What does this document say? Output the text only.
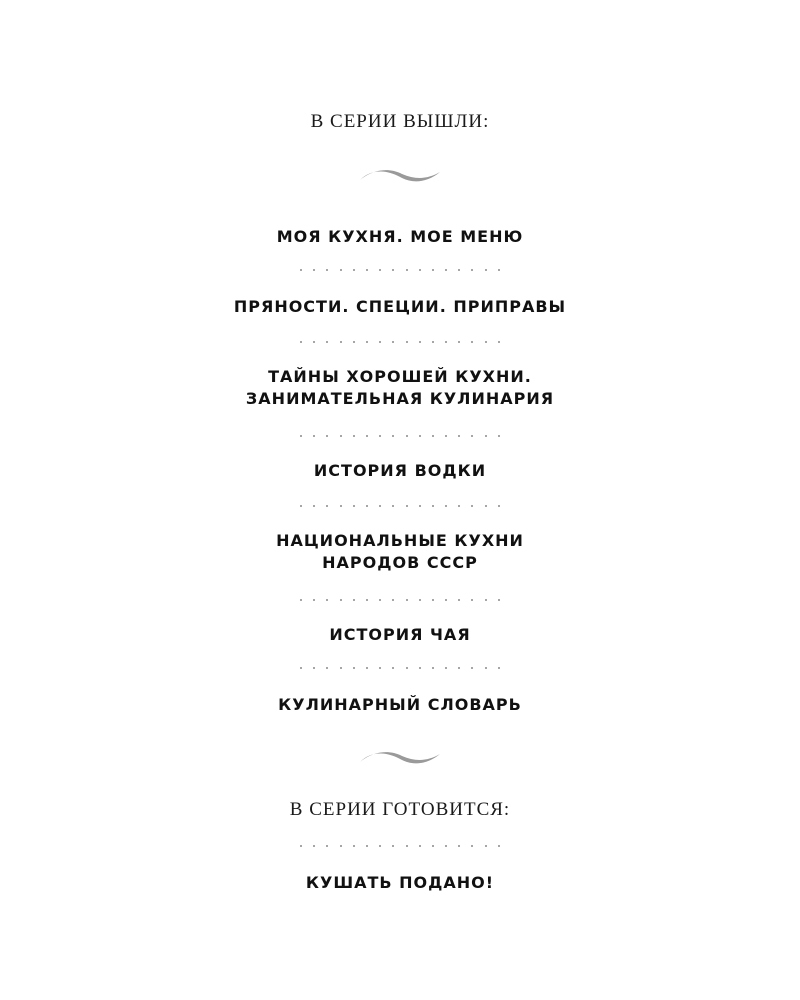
В СЕРИИ ВЫШЛИ:
МОЯ КУХНЯ. МОЕ МЕНЮ
ПРЯНОСТИ. СПЕЦИИ. ПРИПРАВЫ
ТАЙНЫ ХОРОШЕЙ КУХНИ.
ЗАНИМАТЕЛЬНАЯ КУЛИНАРИЯ
ИСТОРИЯ ВОДКИ
НАЦИОНАЛЬНЫЕ КУХНИ
НАРОДОВ СССР
ИСТОРИЯ ЧАЯ
КУЛИНАРНЫЙ СЛОВАРЬ
В СЕРИИ ГОТОВИТСЯ:
КУШАТЬ ПОДАНО!
